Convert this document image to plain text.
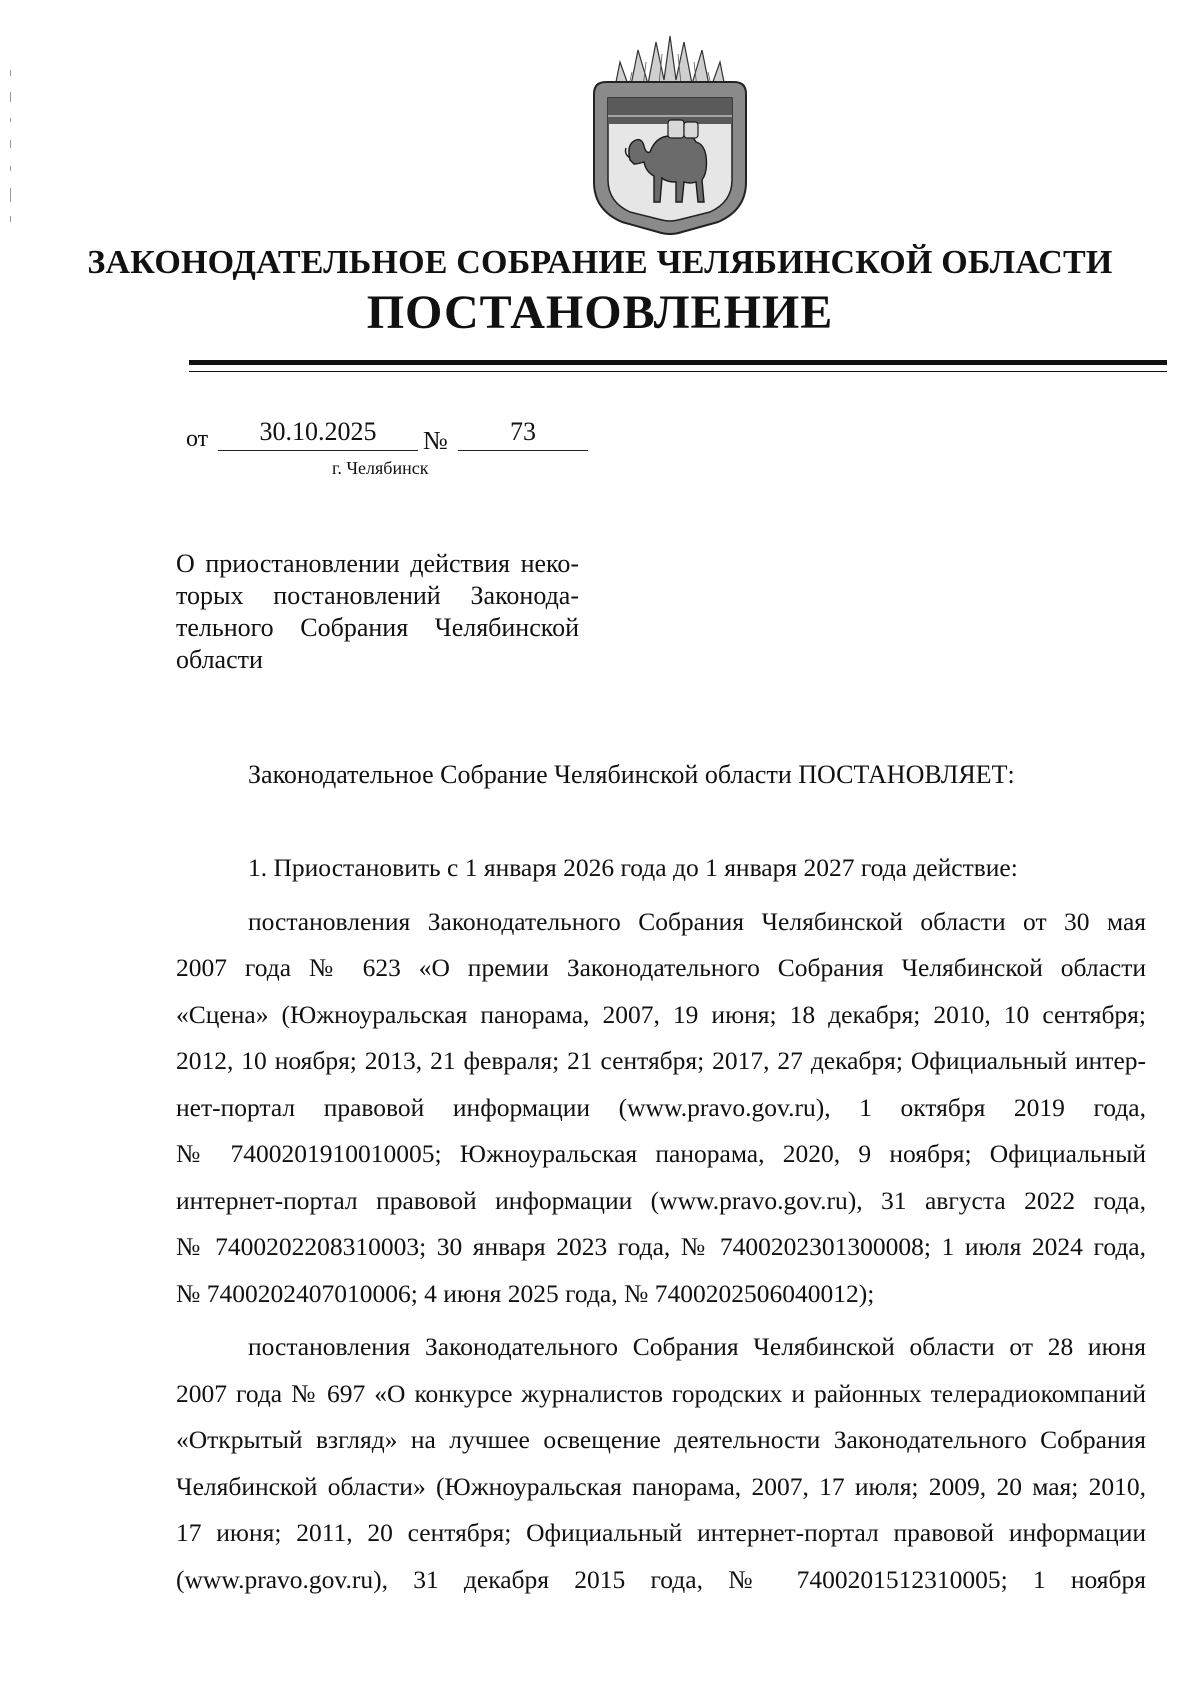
ЗАКОНОДАТЕЛЬНОЕ СОБРАНИЕ ЧЕЛЯБИНСКОЙ ОБЛАСТИ
ПОСТАНОВЛЕНИЕ
от	30.10.2025	№	73
г. Челябинск
О приостановлении действия неко-
торых постановлений Законода-
тельного Собрания Челябинской
области
Законодательное Собрание Челябинской области ПОСТАНОВЛЯЕТ:
1. Приостановить с 1 января 2026 года до 1 января 2027 года действие:
постановления Законодательного Собрания Челябинской области от 30 мая
2007 года № 623 «О премии Законодательного Собрания Челябинской области
«Сцена» (Южноуральская панорама, 2007, 19 июня; 18 декабря; 2010, 10 сентября;
2012, 10 ноября; 2013, 21 февраля; 21 сентября; 2017, 27 декабря; Официальный интер-
нет-портал правовой информации (www.pravo.gov.ru), 1 октября 2019 года,
№ 7400201910010005; Южноуральская панорама, 2020, 9 ноября; Официальный
интернет-портал правовой информации (www.pravo.gov.ru), 31 августа 2022 года,
№ 7400202208310003; 30 января 2023 года, № 7400202301300008; 1 июля 2024 года,
№ 7400202407010006; 4 июня 2025 года, № 7400202506040012);
постановления Законодательного Собрания Челябинской области от 28 июня
2007 года № 697 «О конкурсе журналистов городских и районных телерадиокомпаний
«Открытый взгляд» на лучшее освещение деятельности Законодательного Собрания
Челябинской области» (Южноуральская панорама, 2007, 17 июля; 2009, 20 мая; 2010,
17 июня; 2011, 20 сентября; Официальный интернет-портал правовой информации
(www.pravo.gov.ru), 31 декабря 2015 года, № 7400201512310005; 1 ноября
